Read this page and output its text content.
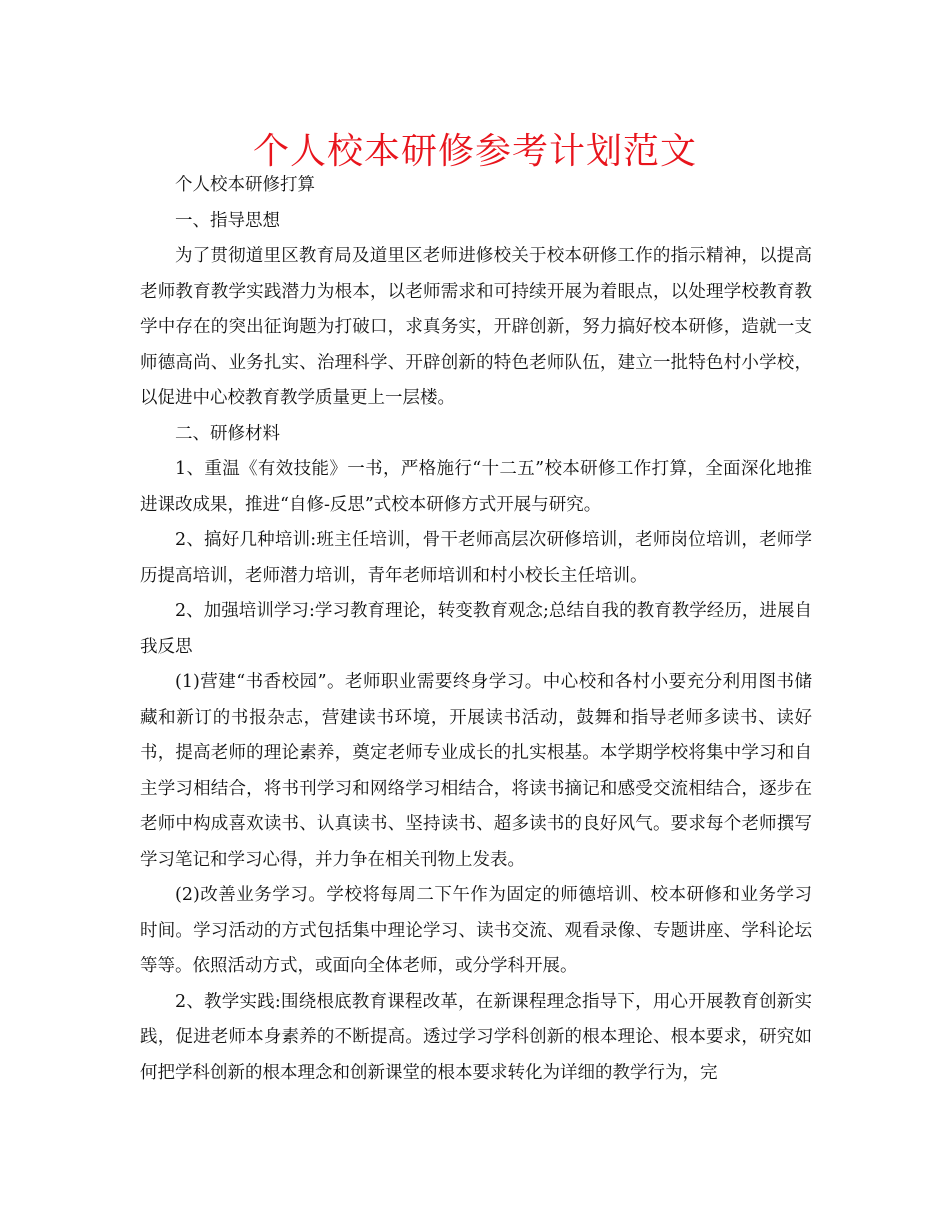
个人校本研修参考计划范文

个人校本研修打算

一、指导思想

为了贯彻道里区教育局及道里区老师进修校关于校本研修工作的指示精神，以提高老师教育教学实践潜力为根本，以老师需求和可持续开展为着眼点，以处理学校教育教学中存在的突出征询题为打破口，求真务实，开辟创新，努力搞好校本研修，造就一支师德高尚、业务扎实、治理科学、开辟创新的特色老师队伍，建立一批特色村小学校，以促进中心校教育教学质量更上一层楼。

二、研修材料

1、重温《有效技能》一书，严格施行“十二五”校本研修工作打算，全面深化地推进课改成果，推进“自修-反思”式校本研修方式开展与研究。

2、搞好几种培训:班主任培训，骨干老师高层次研修培训，老师岗位培训，老师学历提高培训，老师潜力培训，青年老师培训和村小校长主任培训。

2、加强培训学习:学习教育理论，转变教育观念;总结自我的教育教学经历，进展自我反思

(1)营建“书香校园”。老师职业需要终身学习。中心校和各村小要充分利用图书储藏和新订的书报杂志，营建读书环境，开展读书活动，鼓舞和指导老师多读书、读好书，提高老师的理论素养，奠定老师专业成长的扎实根基。本学期学校将集中学习和自主学习相结合，将书刊学习和网络学习相结合，将读书摘记和感受交流相结合，逐步在老师中构成喜欢读书、认真读书、坚持读书、超多读书的良好风气。要求每个老师撰写学习笔记和学习心得，并力争在相关刊物上发表。

(2)改善业务学习。学校将每周二下午作为固定的师德培训、校本研修和业务学习时间。学习活动的方式包括集中理论学习、读书交流、观看录像、专题讲座、学科论坛等等。依照活动方式，或面向全体老师，或分学科开展。

2、教学实践:围绕根底教育课程改革，在新课程理念指导下，用心开展教育创新实践，促进老师本身素养的不断提高。透过学习学科创新的根本理论、根本要求，研究如何把学科创新的根本理念和创新课堂的根本要求转化为详细的教学行为，完
